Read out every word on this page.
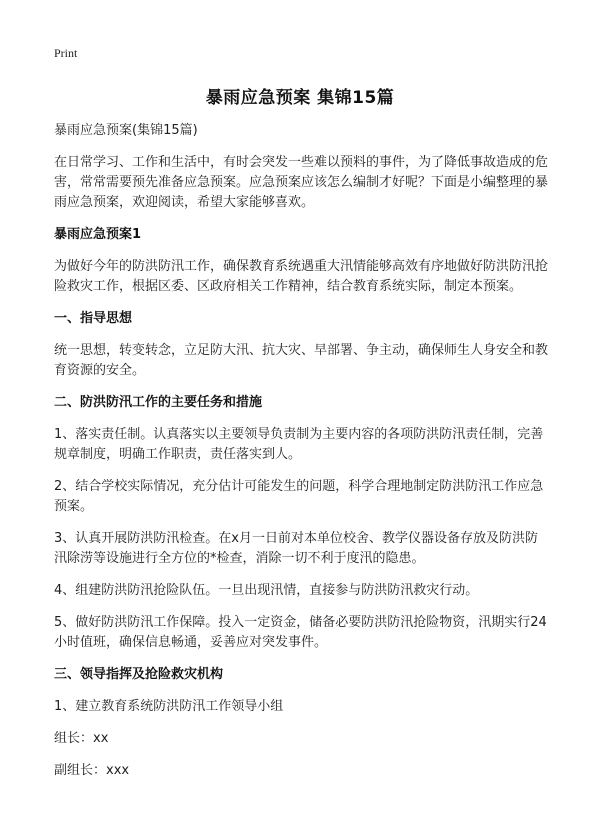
Print
暴雨应急预案 集锦15篇

暴雨应急预案(集锦15篇)

在日常学习、工作和生活中，有时会突发一些难以预料的事件，为了降低事故造成的危害，常常需要预先准备应急预案。应急预案应该怎么编制才好呢？下面是小编整理的暴雨应急预案，欢迎阅读，希望大家能够喜欢。

暴雨应急预案1

为做好今年的防洪防汛工作，确保教育系统遇重大汛情能够高效有序地做好防洪防汛抢险救灾工作，根据区委、区政府相关工作精神，结合教育系统实际，制定本预案。

一、指导思想

统一思想，转变转念，立足防大汛、抗大灾、早部署、争主动，确保师生人身安全和教育资源的安全。

二、防洪防汛工作的主要任务和措施

1、落实责任制。认真落实以主要领导负责制为主要内容的各项防洪防汛责任制，完善规章制度，明确工作职责，责任落实到人。

2、结合学校实际情况，充分估计可能发生的问题，科学合理地制定防洪防汛工作应急预案。

3、认真开展防洪防汛检查。在x月一日前对本单位校舍、教学仪器设备存放及防洪防汛除涝等设施进行全方位的*检查，消除一切不利于度汛的隐患。

4、组建防洪防汛抢险队伍。一旦出现汛情，直接参与防洪防汛救灾行动。

5、做好防洪防汛工作保障。投入一定资金，储备必要防洪防汛抢险物资，汛期实行24小时值班，确保信息畅通，妥善应对突发事件。

三、领导指挥及抢险救灾机构

1、建立教育系统防洪防汛工作领导小组

组长：xx

副组长：xxx
